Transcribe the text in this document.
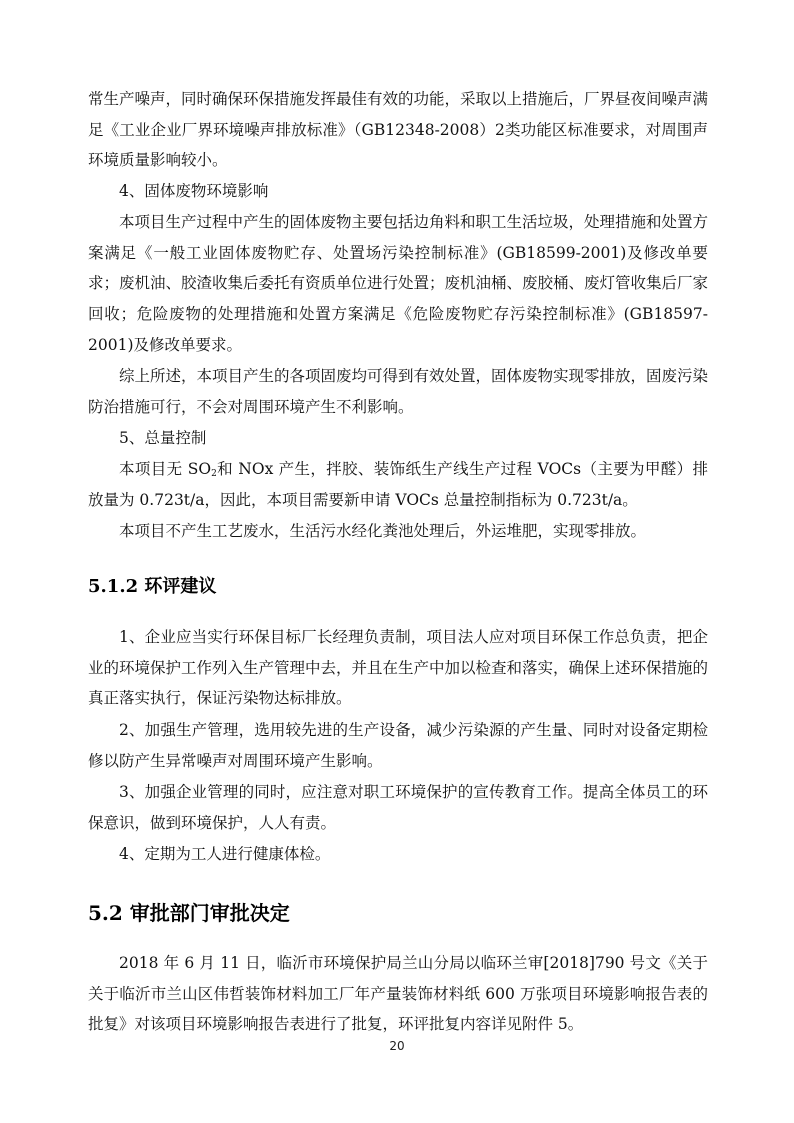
常生产噪声，同时确保环保措施发挥最佳有效的功能，采取以上措施后，厂界昼夜间噪声满足《工业企业厂界环境噪声排放标准》（GB12348-2008）2类功能区标准要求，对周围声环境质量影响较小。
4、固体废物环境影响
本项目生产过程中产生的固体废物主要包括边角料和职工生活垃圾，处理措施和处置方案满足《一般工业固体废物贮存、处置场污染控制标准》(GB18599-2001)及修改单要求；废机油、胶渣收集后委托有资质单位进行处置；废机油桶、废胶桶、废灯管收集后厂家回收；危险废物的处理措施和处置方案满足《危险废物贮存污染控制标准》(GB18597-2001)及修改单要求。
综上所述，本项目产生的各项固废均可得到有效处置，固体废物实现零排放，固废污染防治措施可行，不会对周围环境产生不利影响。
5、总量控制
本项目无 $SO_2$和 NOx 产生，拌胶、装饰纸生产线生产过程 VOCs（主要为甲醛）排放量为 0.723t/a，因此，本项目需要新申请 VOCs 总量控制指标为 0.723t/a。
本项目不产生工艺废水，生活污水经化粪池处理后，外运堆肥，实现零排放。
5.1.2 环评建议
1、企业应当实行环保目标厂长经理负责制，项目法人应对项目环保工作总负责，把企业的环境保护工作列入生产管理中去，并且在生产中加以检查和落实，确保上述环保措施的真正落实执行，保证污染物达标排放。
2、加强生产管理，选用较先进的生产设备，减少污染源的产生量、同时对设备定期检修以防产生异常噪声对周围环境产生影响。
3、加强企业管理的同时，应注意对职工环境保护的宣传教育工作。提高全体员工的环保意识，做到环境保护，人人有责。
4、定期为工人进行健康体检。
5.2 审批部门审批决定
2018 年 6 月 11 日，临沂市环境保护局兰山分局以临环兰审[2018]790 号文《关于关于临沂市兰山区伟哲装饰材料加工厂年产量装饰材料纸 600 万张项目环境影响报告表的批复》对该项目环境影响报告表进行了批复，环评批复内容详见附件 5。
20
